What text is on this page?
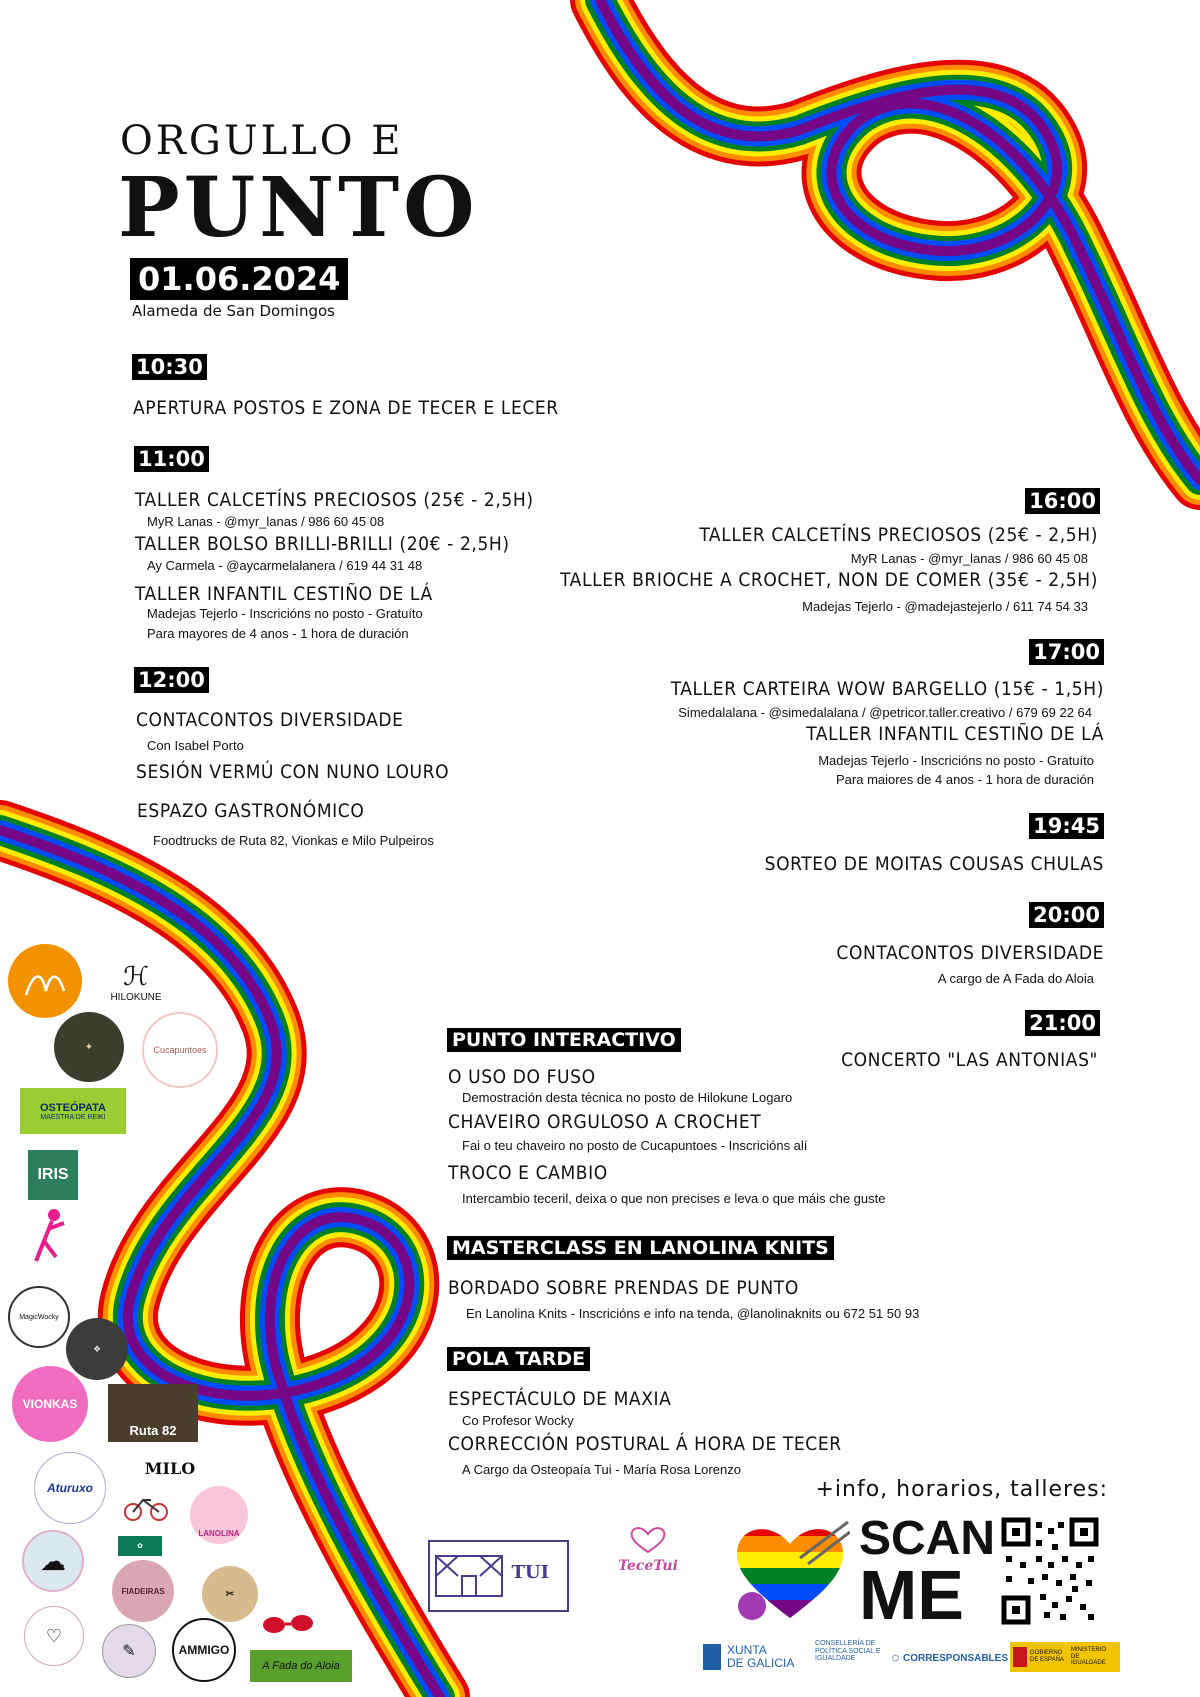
ORGULLO E
PUNTO
01.06.2024
Alameda de San Domingos
10:30
APERTURA POSTOS E ZONA DE TECER E LECER
11:00
TALLER CALCETÍNS PRECIOSOS (25€ - 2,5H)
MyR Lanas - @myr_lanas / 986 60 45 08
TALLER BOLSO BRILLI-BRILLI (20€ - 2,5H)
Ay Carmela - @aycarmelalanera / 619 44 31 48
TALLER INFANTIL CESTIÑO DE LÁ
Madejas Tejerlo - Inscricións no posto - Gratuíto
Para mayores de 4 anos - 1 hora de duración
12:00
CONTACONTOS DIVERSIDADE
Con Isabel Porto
SESIÓN VERMÚ CON NUNO LOURO
ESPAZO GASTRONÓMICO
Foodtrucks de Ruta 82, Vionkas e Milo Pulpeiros
16:00
TALLER CALCETÍNS PRECIOSOS (25€ - 2,5H)
MyR Lanas - @myr_lanas / 986 60 45 08
TALLER BRIOCHE A CROCHET, NON DE COMER (35€ - 2,5H)
Madejas Tejerlo - @madejastejerlo / 611 74 54 33
17:00
TALLER CARTEIRA WOW BARGELLO (15€ - 1,5H)
Simedalalana - @simedalalana / @petricor.taller.creativo / 679 69 22 64
TALLER INFANTIL CESTIÑO DE LÁ
Madejas Tejerlo - Inscricións no posto - Gratuíto
Para maiores de 4 anos - 1 hora de duración
19:45
SORTEO DE MOITAS COUSAS CHULAS
20:00
CONTACONTOS DIVERSIDADE
A cargo de A Fada do Aloia
21:00
CONCERTO "LAS ANTONIAS"
PUNTO INTERACTIVO
O USO DO FUSO
Demostración desta técnica no posto de Hilokune Logaro
CHAVEIRO ORGULOSO A CROCHET
Fai o teu chaveiro no posto de Cucapuntoes - Inscricións alí
TROCO E CAMBIO
Intercambio teceril, deixa o que non precises e leva o que máis che guste
MASTERCLASS EN LANOLINA KNITS
BORDADO SOBRE PRENDAS DE PUNTO
En Lanolina Knits - Inscricións e info na tenda, @lanolinaknits ou 672 51 50 93
POLA TARDE
ESPECTÁCULO DE MAXIA
Co Profesor Wocky
CORRECCIÓN POSTURAL Á HORA DE TECER
A Cargo da Osteopaía Tui - María Rosa Lorenzo
+info, horarios, talleres:
SCAN
ME
TUI	TeceTui
XUNTA
DE GALICIA
CONSELLERÍA DE POLÍTICA SOCIAL E IGUALDADE	CORRESPONSABLES	GOBIERNO DE ESPAÑA
MINISTERIO DE IGUALDADE
ℋ
HILOKUNE
✦	Cucapuntoes
OSTEÓPATA
MAESTRA DE REIKI
IRIS
MagicWocky
❖
VIONKAS
Ruta 82
Aturuxo
MILO
LANOLINA
☁	✿
FIADEIRAS	✂
♡
✎	AMMIGO
A Fada do Aloia
